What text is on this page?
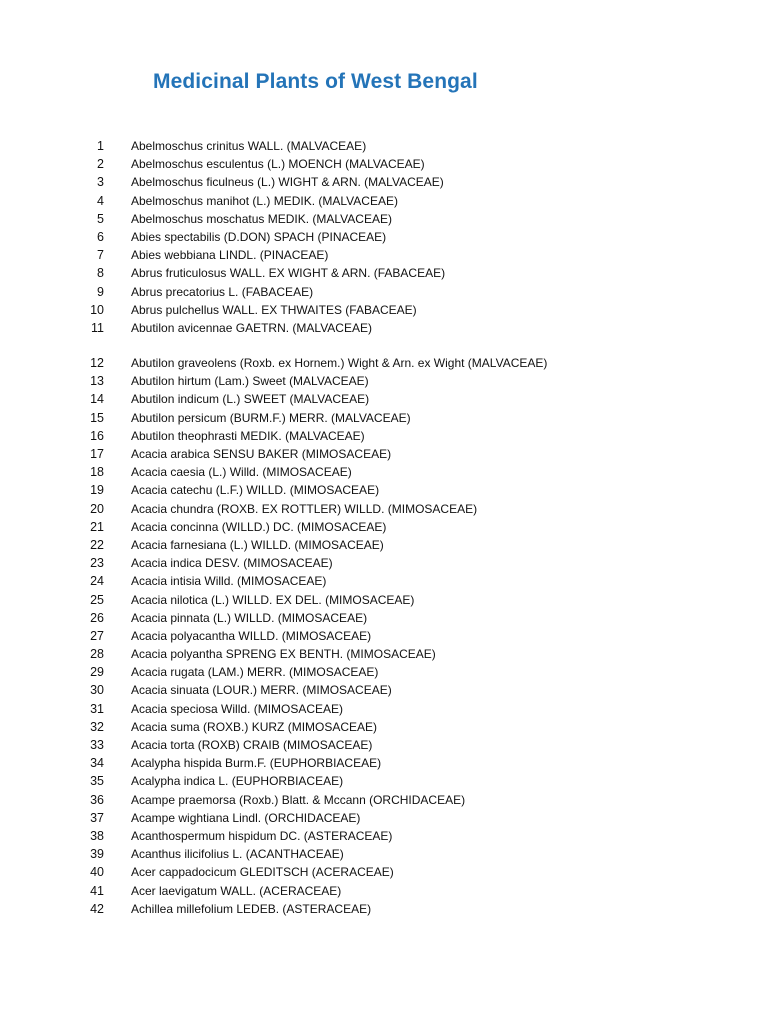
Medicinal Plants of West Bengal
1 Abelmoschus crinitus WALL. (MALVACEAE)
2 Abelmoschus esculentus (L.) MOENCH (MALVACEAE)
3 Abelmoschus ficulneus (L.) WIGHT & ARN. (MALVACEAE)
4 Abelmoschus manihot (L.) MEDIK. (MALVACEAE)
5 Abelmoschus moschatus MEDIK. (MALVACEAE)
6 Abies spectabilis (D.DON) SPACH (PINACEAE)
7 Abies webbiana LINDL. (PINACEAE)
8 Abrus fruticulosus WALL. EX WIGHT & ARN. (FABACEAE)
9 Abrus precatorius L. (FABACEAE)
10 Abrus pulchellus WALL. EX THWAITES (FABACEAE)
11 Abutilon avicennae GAETRN. (MALVACEAE)
12 Abutilon graveolens (Roxb. ex Hornem.) Wight & Arn. ex Wight (MALVACEAE)
13 Abutilon hirtum (Lam.) Sweet (MALVACEAE)
14 Abutilon indicum (L.) SWEET (MALVACEAE)
15 Abutilon persicum (BURM.F.) MERR. (MALVACEAE)
16 Abutilon theophrasti MEDIK. (MALVACEAE)
17 Acacia arabica SENSU BAKER (MIMOSACEAE)
18 Acacia caesia (L.) Willd. (MIMOSACEAE)
19 Acacia catechu (L.F.) WILLD. (MIMOSACEAE)
20 Acacia chundra (ROXB. EX ROTTLER) WILLD. (MIMOSACEAE)
21 Acacia concinna (WILLD.) DC. (MIMOSACEAE)
22 Acacia farnesiana (L.) WILLD. (MIMOSACEAE)
23 Acacia indica DESV. (MIMOSACEAE)
24 Acacia intisia Willd. (MIMOSACEAE)
25 Acacia nilotica (L.) WILLD. EX DEL. (MIMOSACEAE)
26 Acacia pinnata (L.) WILLD. (MIMOSACEAE)
27 Acacia polyacantha WILLD. (MIMOSACEAE)
28 Acacia polyantha SPRENG EX BENTH. (MIMOSACEAE)
29 Acacia rugata (LAM.) MERR. (MIMOSACEAE)
30 Acacia sinuata (LOUR.) MERR. (MIMOSACEAE)
31 Acacia speciosa Willd. (MIMOSACEAE)
32 Acacia suma (ROXB.) KURZ (MIMOSACEAE)
33 Acacia torta (ROXB) CRAIB (MIMOSACEAE)
34 Acalypha hispida Burm.F. (EUPHORBIACEAE)
35 Acalypha indica L. (EUPHORBIACEAE)
36 Acampe praemorsa (Roxb.) Blatt. & Mccann (ORCHIDACEAE)
37 Acampe wightiana Lindl. (ORCHIDACEAE)
38 Acanthospermum hispidum DC. (ASTERACEAE)
39 Acanthus ilicifolius L. (ACANTHACEAE)
40 Acer cappadocicum GLEDITSCH (ACERACEAE)
41 Acer laevigatum WALL. (ACERACEAE)
42 Achillea millefolium LEDEB. (ASTERACEAE)
